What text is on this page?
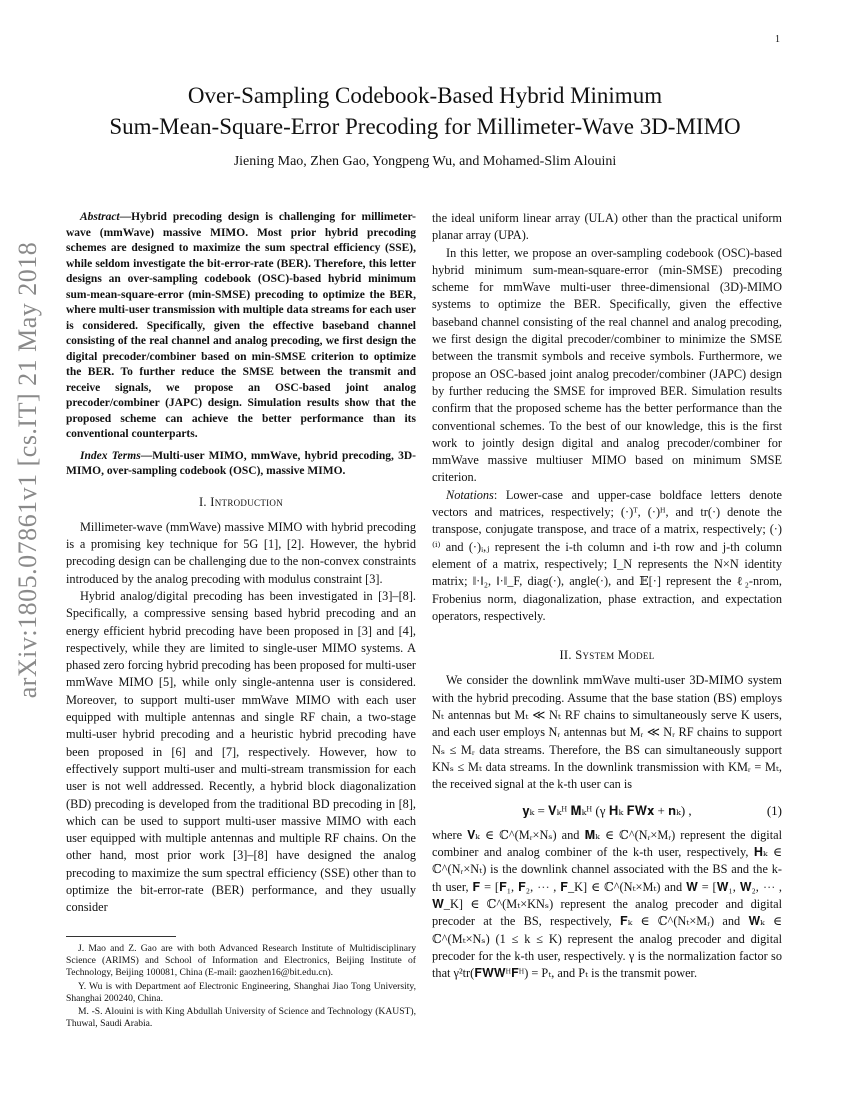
1
arXiv:1805.07861v1 [cs.IT] 21 May 2018
Over-Sampling Codebook-Based Hybrid Minimum
Sum-Mean-Square-Error Precoding for Millimeter-Wave 3D-MIMO
Jiening Mao, Zhen Gao, Yongpeng Wu, and Mohamed-Slim Alouini

Abstract—Hybrid precoding design is challenging for millimeter-wave (mmWave) massive MIMO. Most prior hybrid precoding schemes are designed to maximize the sum spectral efficiency (SSE), while seldom investigate the bit-error-rate (BER). Therefore, this letter designs an over-sampling codebook (OSC)-based hybrid minimum sum-mean-square-error (min-SMSE) precoding to optimize the BER, where multi-user transmission with multiple data streams for each user is considered. Specifically, given the effective baseband channel consisting of the real channel and analog precoding, we first design the digital precoder/combiner based on min-SMSE criterion to optimize the BER. To further reduce the SMSE between the transmit and receive signals, we propose an OSC-based joint analog precoder/combiner (JAPC) design. Simulation results show that the proposed scheme can achieve the better performance than its conventional counterparts.

Index Terms—Multi-user MIMO, mmWave, hybrid precoding, 3D-MIMO, over-sampling codebook (OSC), massive MIMO.

I. Introduction

Millimeter-wave (mmWave) massive MIMO with hybrid precoding is a promising key technique for 5G [1], [2]. However, the hybrid precoding design can be challenging due to the non-convex constraints introduced by the analog precoding with modulus constraint [3].

Hybrid analog/digital precoding has been investigated in [3]–[8]. Specifically, a compressive sensing based hybrid precoding and an energy efficient hybrid precoding have been proposed in [3] and [4], respectively, while they are limited to single-user MIMO systems. A phased zero forcing hybrid precoding has been proposed for multi-user mmWave MIMO [5], while only single-antenna user is considered. Moreover, to support multi-user mmWave MIMO with each user equipped with multiple antennas and single RF chain, a two-stage multi-user hybrid precoding and a heuristic hybrid precoding have been proposed in [6] and [7], respectively. However, how to effectively support multi-user and multi-stream transmission for each user is not well addressed. Recently, a hybrid block diagonalization (BD) precoding is developed from the traditional BD precoding in [8], which can be used to support multi-user massive MIMO with each user equipped with multiple antennas and multiple RF chains. On the other hand, most prior work [3]–[8] have designed the analog precoding to maximize the sum spectral efficiency (SSE) other than to optimize the bit-error-rate (BER) performance, and they usually consider

J. Mao and Z. Gao are with both Advanced Research Institute of Multidisciplinary Science (ARIMS) and School of Information and Electronics, Beijing Institute of Technology, Beijing 100081, China (E-mail: gaozhen16@bit.edu.cn).

Y. Wu is with Department aof Electronic Engineering, Shanghai Jiao Tong University, Shanghai 200240, China.

M. -S. Alouini is with King Abdullah University of Science and Technology (KAUST), Thuwal, Saudi Arabia.

the ideal uniform linear array (ULA) other than the practical uniform planar array (UPA).

In this letter, we propose an over-sampling codebook (OSC)-based hybrid minimum sum-mean-square-error (min-SMSE) precoding scheme for mmWave multi-user three-dimensional (3D)-MIMO systems to optimize the BER. Specifically, given the effective baseband channel consisting of the real channel and analog precoding, we first design the digital precoder/combiner to minimize the SMSE between the transmit symbols and receive symbols. Furthermore, we propose an OSC-based joint analog precoder/combiner (JAPC) design by further reducing the SMSE for improved BER. Simulation results confirm that the proposed scheme has the better performance than the conventional schemes. To the best of our knowledge, this is the first work to jointly design digital and analog precoder/combiner for mmWave massive multiuser MIMO based on minimum SMSE criterion.

Notations: Lower-case and upper-case boldface letters denote vectors and matrices, respectively; (·)ᵀ, (·)ᴴ, and tr(·) denote the transpose, conjugate transpose, and trace of a matrix, respectively; (·)⁽ⁱ⁾ and (·)ᵢ,ⱼ represent the i-th column and i-th row and j-th column element of a matrix, respectively; I_N represents the N×N identity matrix; ‖·‖₂, ‖·‖_F, diag(·), angle(·), and 𝔼[·] represent the ℓ₂-nrom, Frobenius norm, diagonalization, phase extraction, and expectation operators, respectively.

II. System Model

We consider the downlink mmWave multi-user 3D-MIMO system with the hybrid precoding. Assume that the base station (BS) employs Nₜ antennas but Mₜ ≪ Nₜ RF chains to simultaneously serve K users, and each user employs Nᵣ antennas but Mᵣ ≪ Nᵣ RF chains to support Nₛ ≤ Mᵣ data streams. Therefore, the BS can simultaneously support KNₛ ≤ Mₜ data streams. In the downlink transmission with KMᵣ = Mₜ, the received signal at the k-th user can is

𝐲ₖ = 𝐕ₖᴴ 𝐌ₖᴴ (γ 𝐇ₖ 𝐅𝐖𝐱 + 𝐧ₖ) ,	(1)

where 𝐕ₖ ∈ ℂ^(Mᵣ×Nₛ) and 𝐌ₖ ∈ ℂ^(Nᵣ×Mᵣ) represent the digital combiner and analog combiner of the k-th user, respectively, 𝐇ₖ ∈ ℂ^(Nᵣ×Nₜ) is the downlink channel associated with the BS and the k-th user, 𝐅 = [𝐅₁, 𝐅₂, ⋯ , 𝐅_K] ∈ ℂ^(Nₜ×Mₜ) and 𝐖 = [𝐖₁, 𝐖₂, ⋯ , 𝐖_K] ∈ ℂ^(Mₜ×KNₛ) represent the analog precoder and digital precoder at the BS, respectively, 𝐅ₖ ∈ ℂ^(Nₜ×Mᵣ) and 𝐖ₖ ∈ ℂ^(Mₜ×Nₛ) (1 ≤ k ≤ K) represent the analog precoder and digital precoder for the k-th user, respectively. γ is the normalization factor so that γ²tr(𝐅𝐖𝐖ᴴ𝐅ᴴ) = Pₜ, and Pₜ is the transmit power.
